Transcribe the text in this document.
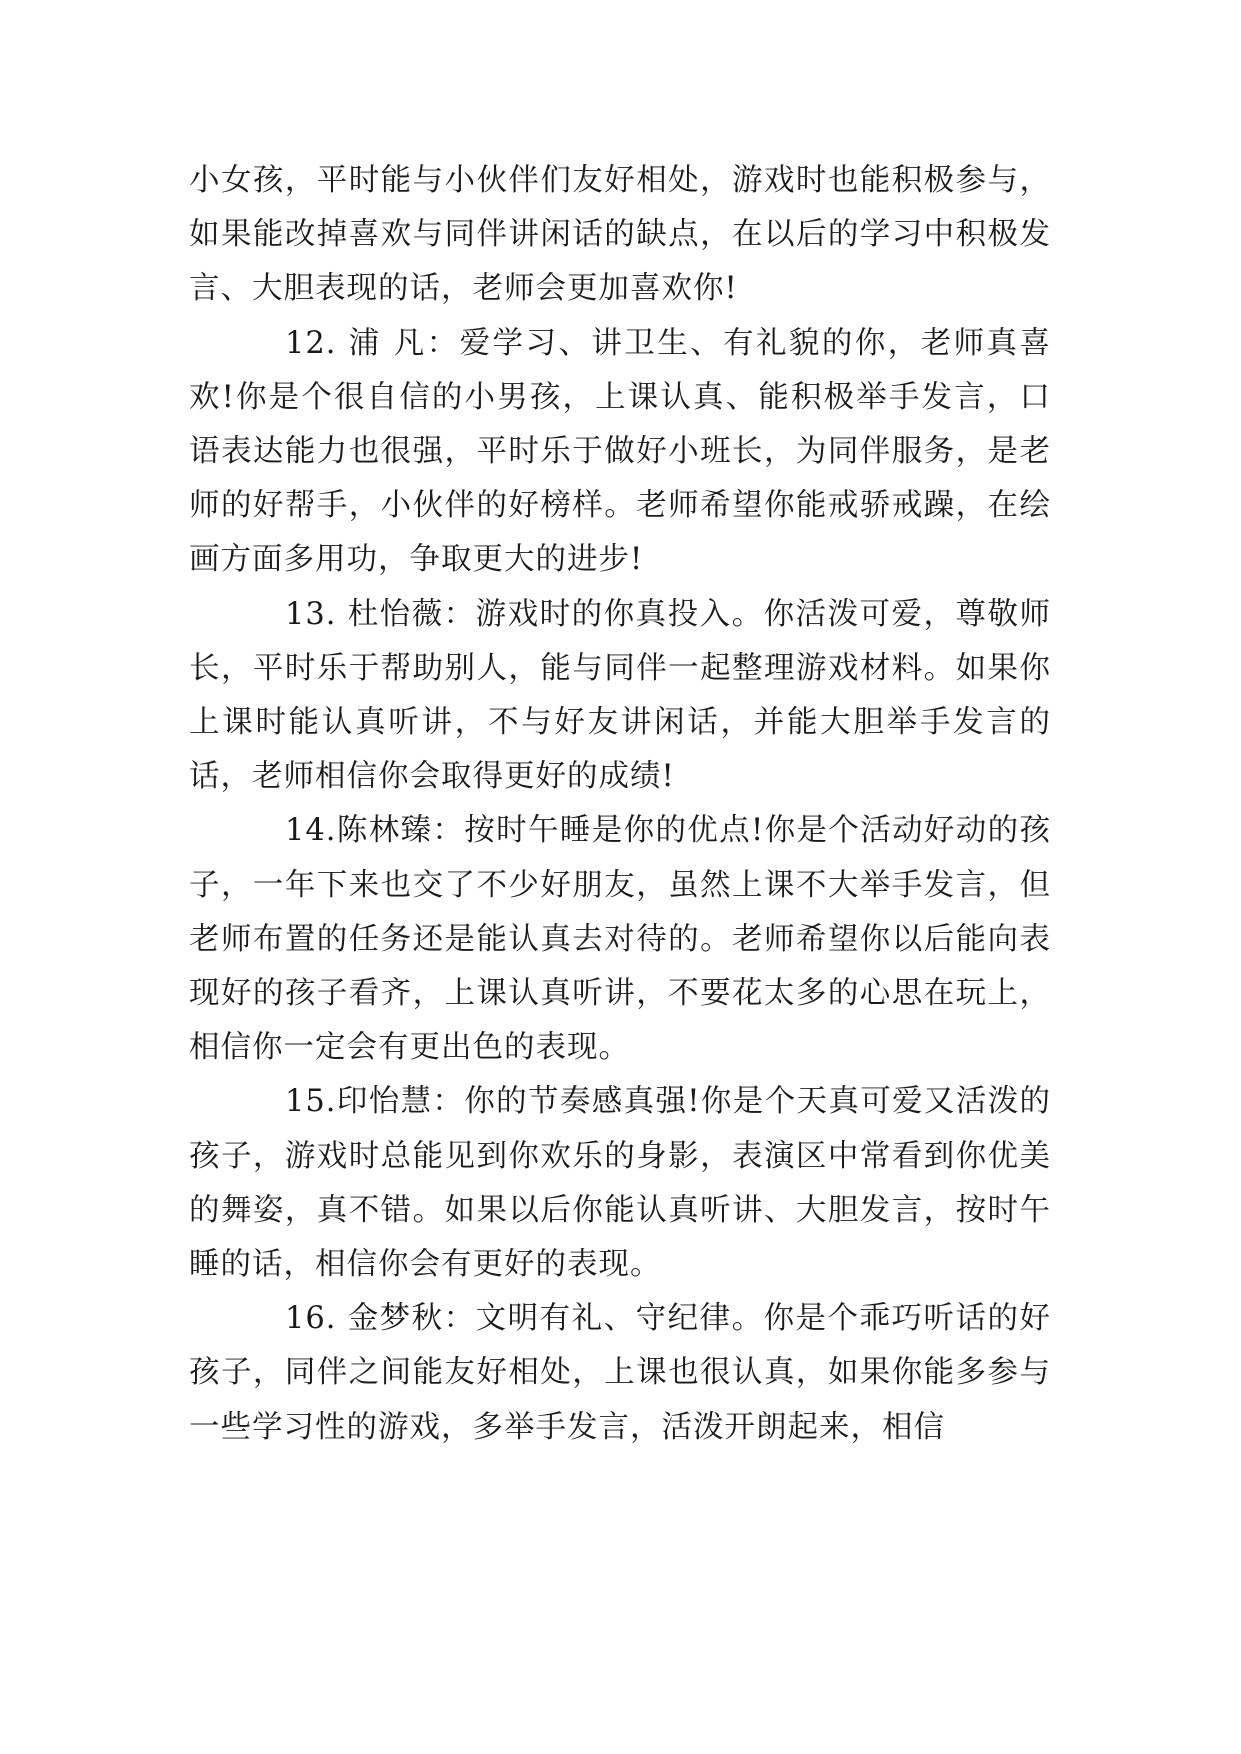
小女孩，平时能与小伙伴们友好相处，游戏时也能积极参与，如果能改掉喜欢与同伴讲闲话的缺点，在以后的学习中积极发言、大胆表现的话，老师会更加喜欢你!

12. 浦 凡：爱学习、讲卫生、有礼貌的你，老师真喜欢!你是个很自信的小男孩，上课认真、能积极举手发言，口语表达能力也很强，平时乐于做好小班长，为同伴服务，是老师的好帮手，小伙伴的好榜样。老师希望你能戒骄戒躁，在绘画方面多用功，争取更大的进步!

13. 杜怡薇：游戏时的你真投入。你活泼可爱，尊敬师长，平时乐于帮助别人，能与同伴一起整理游戏材料。如果你上课时能认真听讲，不与好友讲闲话，并能大胆举手发言的话，老师相信你会取得更好的成绩!

14.陈林臻：按时午睡是你的优点!你是个活动好动的孩子，一年下来也交了不少好朋友，虽然上课不大举手发言，但老师布置的任务还是能认真去对待的。老师希望你以后能向表现好的孩子看齐，上课认真听讲，不要花太多的心思在玩上，相信你一定会有更出色的表现。

15.印怡慧：你的节奏感真强!你是个天真可爱又活泼的孩子，游戏时总能见到你欢乐的身影，表演区中常看到你优美的舞姿，真不错。如果以后你能认真听讲、大胆发言，按时午睡的话，相信你会有更好的表现。

16. 金梦秋：文明有礼、守纪律。你是个乖巧听话的好孩子，同伴之间能友好相处，上课也很认真，如果你能多参与一些学习性的游戏，多举手发言，活泼开朗起来，相信
